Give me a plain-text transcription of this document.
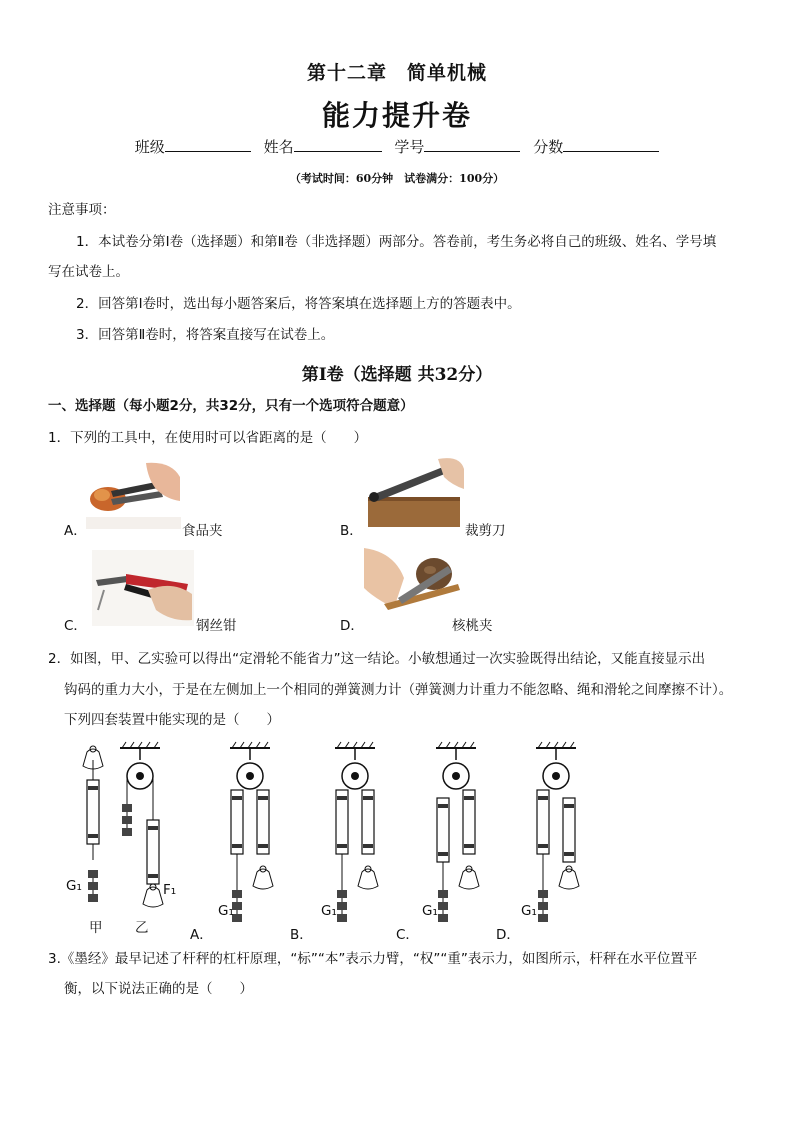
第十二章　简单机械
能力提升卷
班级	姓名	学号	分数
（考试时间：60分钟　试卷满分：100分）
注意事项：
1．本试卷分第Ⅰ卷（选择题）和第Ⅱ卷（非选择题）两部分。答卷前，考生务必将自己的班级、姓名、学号填
写在试卷上。
2．回答第Ⅰ卷时，选出每小题答案后，将答案填在选择题上方的答题表中。
3．回答第Ⅱ卷时，将答案直接写在试卷上。
第Ⅰ卷（选择题 共32分）
一、选择题（每小题2分，共32分，只有一个选项符合题意）
1．下列的工具中，在使用时可以省距离的是（　　）
A．	食品夹	B．	裁剪刀
C．	钢丝钳	D．	核桃夹
2．如图，甲、乙实验可以得出“定滑轮不能省力”这一结论。小敏想通过一次实验既得出结论，又能直接显示出
钩码的重力大小，于是在左侧加上一个相同的弹簧测力计（弹簧测力计重力不能忽略、绳和滑轮之间摩擦不计）。
下列四套装置中能实现的是（　　）
G₁	F₁
甲 乙	A．
G₁
B．
G₁
C．
G₁
D．
G₁
3.《墨经》最早记述了杆秤的杠杆原理，“标”“本”表示力臂，“权”“重”表示力，如图所示，杆秤在水平位置平
衡，以下说法正确的是（　　）
